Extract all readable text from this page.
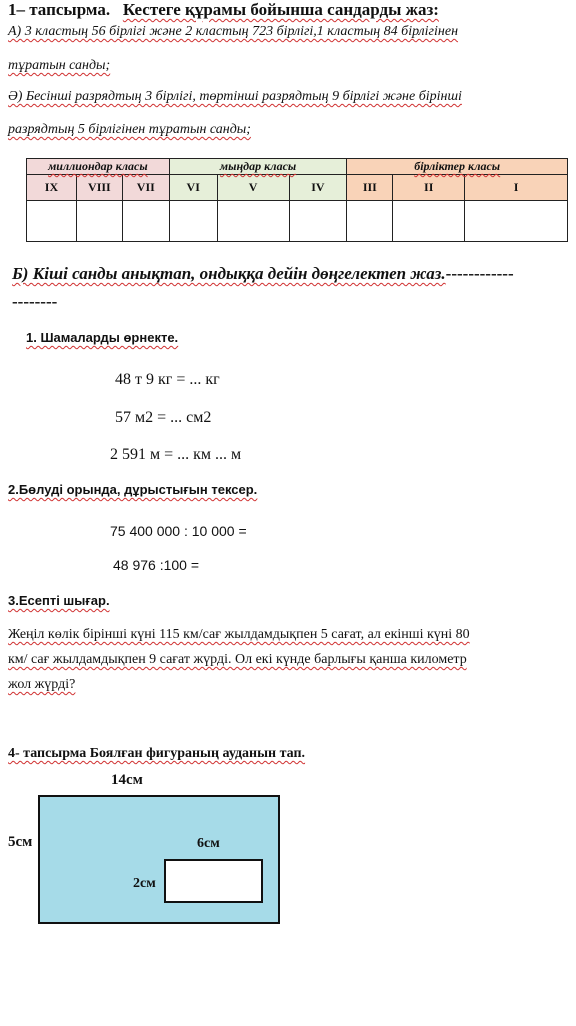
1– тапсырма. Кестеге құрамы бойынша сандарды жаз:
А) 3 кластың 56 бірлігі және 2 кластың 723 бірлігі,1 кластың 84 бірлігінен
тұратын санды;
Ә) Бесінші разрядтың 3 бірлігі, төртінші разрядтың 9 бірлігі және бірінші
разрядтың 5 бірлігінен тұратын санды;
миллиондар класы			мыңдар класы			бірліктер класы		
IX	VIII	VII	VI	V	IV	III	II	I

Б) Кіші санды анықтап, ондыққа дейін дөңгелектеп жаз.------------
--------
1. Шамаларды өрнекте.
48 т 9 кг = ... кг
57 м2 = ... см2
2 591 м = ... км ... м
2.Бөлуді орында, дұрыстығын тексер.
75 400 000 : 10 000 =
48 976 :100 =
3.Есепті шығар.
Жеңіл көлік бірінші күні 115 км/сағ жылдамдықпен 5 сағат, ал екінші күні 80
км/ сағ жылдамдықпен 9 сағат жүрді. Ол екі күнде барлығы қанша километр
жол жүрді?
4- тапсырма Боялған фигураның ауданын тап.
14см
5см	6см
2см
